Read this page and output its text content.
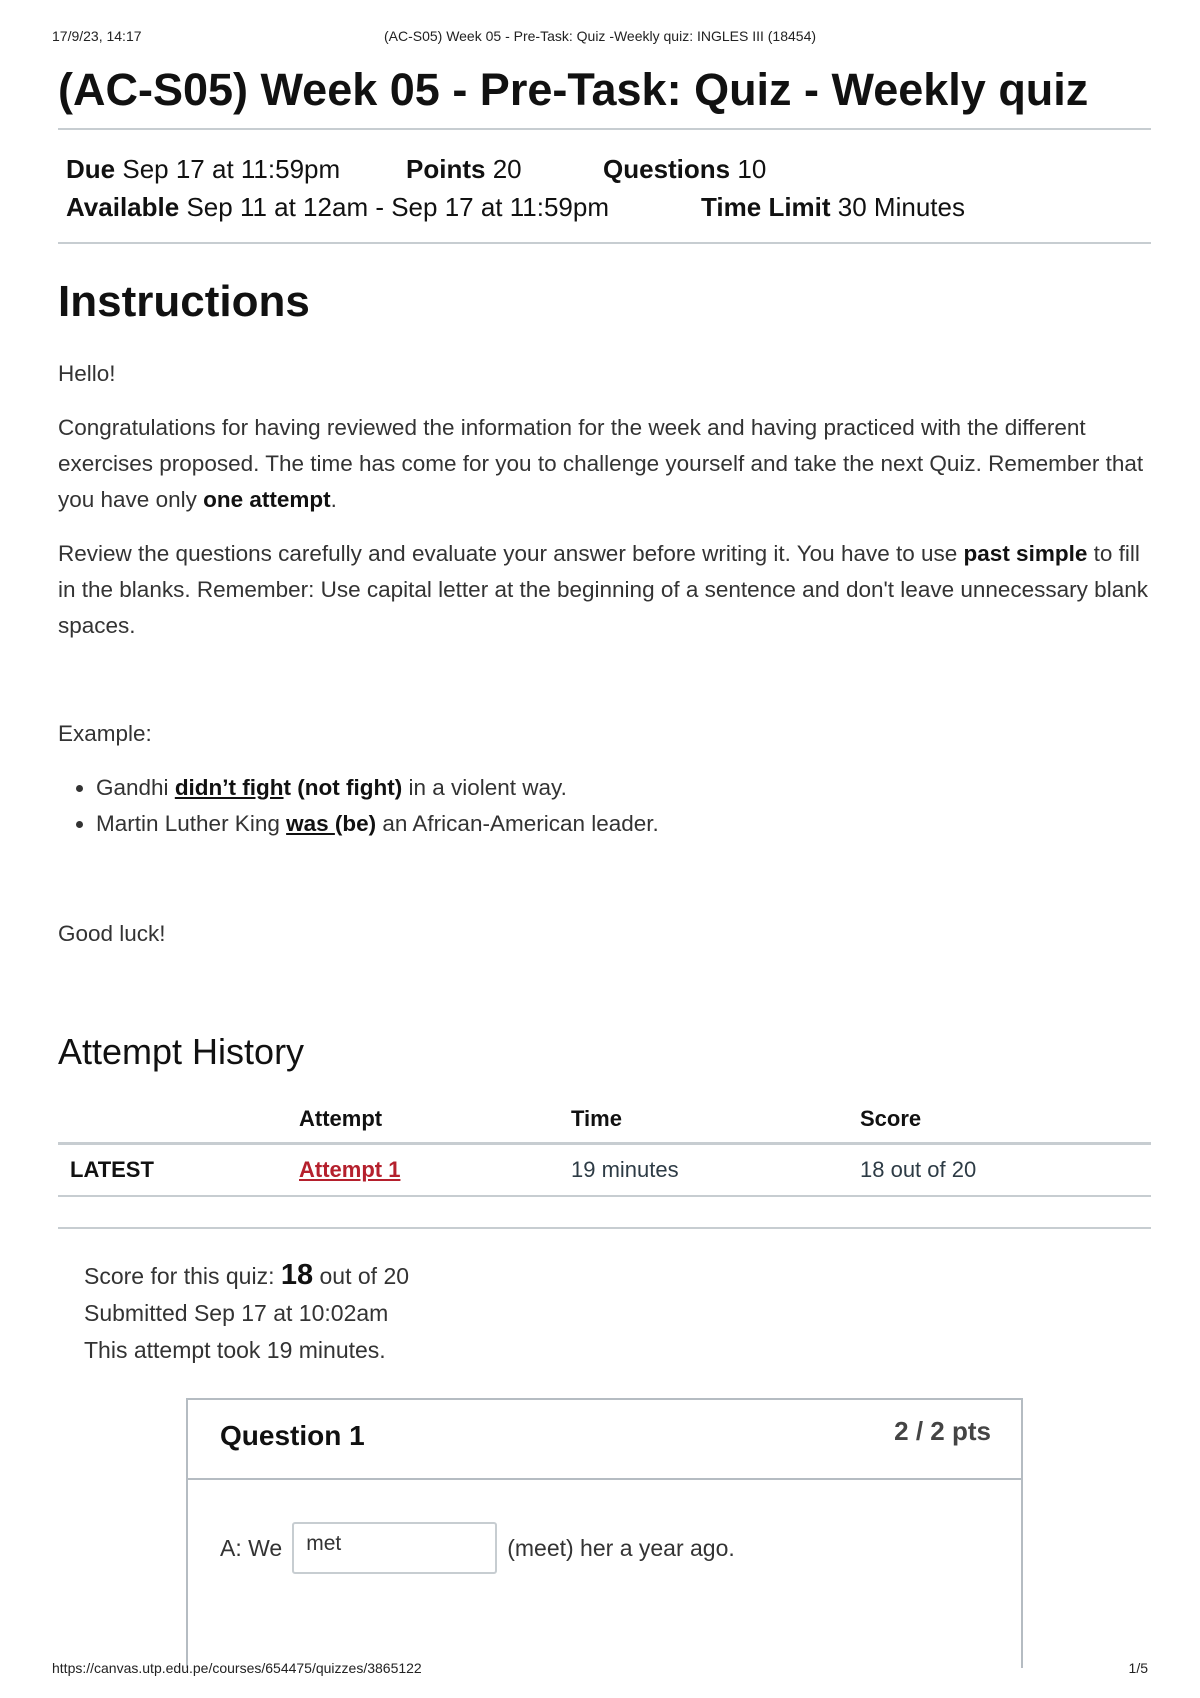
17/9/23, 14:17	(AC-S05) Week 05 - Pre-Task: Quiz -Weekly quiz: INGLES III (18454)
(AC-S05) Week 05 - Pre-Task: Quiz - Weekly quiz
Due Sep 17 at 11:59pm	Points 20	Questions 10
Available Sep 11 at 12am - Sep 17 at 11:59pm	Time Limit 30 Minutes
Instructions

Hello!

Congratulations for having reviewed the information for the week and having practiced with the different exercises proposed. The time has come for you to challenge yourself and take the next Quiz. Remember that you have only one attempt.

Review the questions carefully and evaluate your answer before writing it. You have to use past simple to fill in the blanks. Remember: Use capital letter at the beginning of a sentence and don't leave unnecessary blank spaces.

Example:

• Gandhi didn’t fight (not fight) in a violent way.
• Martin Luther King was (be) an African-American leader.

Good luck!

Attempt History
	Attempt	Time	Score
LATEST	Attempt 1	19 minutes	18 out of 20
Score for this quiz: 18 out of 20
Submitted Sep 17 at 10:02am
This attempt took 19 minutes.
Question 1	2 / 2 pts
A: We	met	(meet) her a year ago.
https://canvas.utp.edu.pe/courses/654475/quizzes/3865122	1/5
